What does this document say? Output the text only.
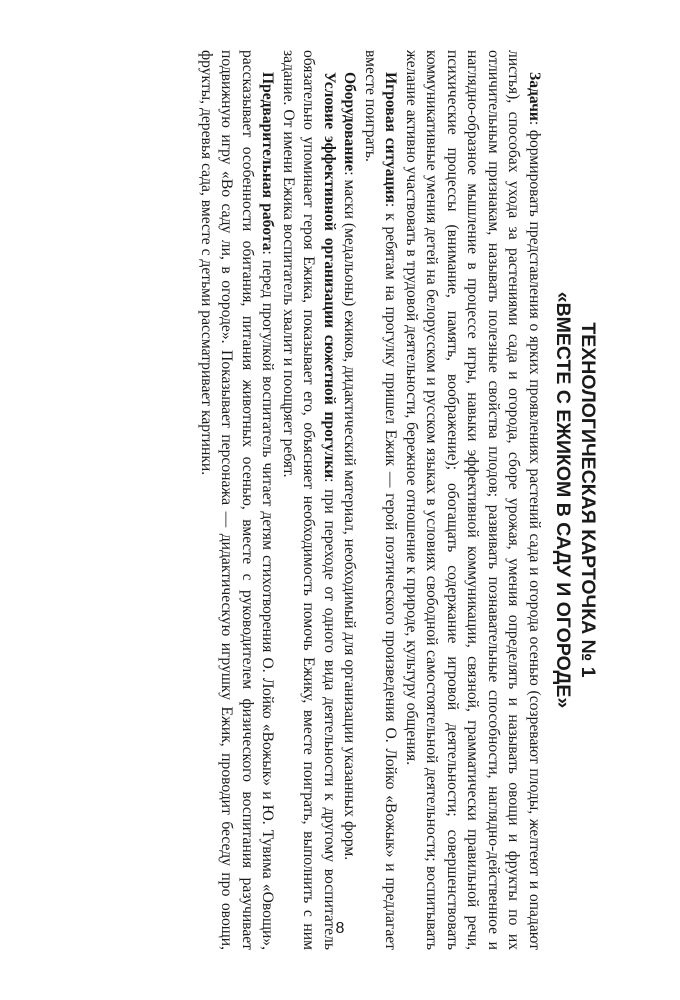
ТЕХНОЛОГИЧЕСКАЯ КАРТОЧКА № 1
«ВМЕСТЕ С ЕЖИКОМ В САДУ И ОГОРОДЕ»

Задачи: формировать представления о ярких проявлениях растений сада и огорода осенью (созревают плоды, желтеют и опадают листья), способах ухода за растениями сада и огорода, сборе урожая, умения определять и называть овощи и фрукты по их отличительным признакам, называть полезные свойства плодов; развивать познавательные способности, наглядно-действенное и наглядно-образное мышление в процессе игры, навыки эффективной коммуникации, связной, грамматически правильной речи, психические процессы (внимание, память, воображение); обогащать содержание игровой деятельности; совершенствовать коммуникативные умения детей на белорусском и русском языках в условиях свободной самостоятельной деятельности; воспитывать желание активно участвовать в трудовой деятельности, бережное отношение к природе, культуру общения.

Игровая ситуация: к ребятам на прогулку пришел Ежик — герой поэтического произведения О. Лойко «Вожык» и предлагает вместе поиграть.

Оборудование: маски (медальоны) ежиков, дидактический материал, необходимый для организации указанных форм.

Условие эффективной организации сюжетной прогулки: при переходе от одного вида деятельности к другому воспитатель обязательно упоминает героя Ежика, показывает его, объясняет необходимость помочь Ежику, вместе поиграть, выполнить с ним задание. От имени Ежика воспитатель хвалит и поощряет ребят.

Предварительная работа: перед прогулкой воспитатель читает детям стихотворения О. Лойко «Вожык» и Ю. Тувима «Овощи», рассказывает особенности обитания, питания животных осенью, вместе с руководителем физического воспитания разучивает подвижную игру «Во саду ли, в огороде». Показывает персонажа — дидактическую игрушку Ежик, проводит беседу про овощи, фрукты, деревья сада, вместе с детьми рассматривает картинки.

8
